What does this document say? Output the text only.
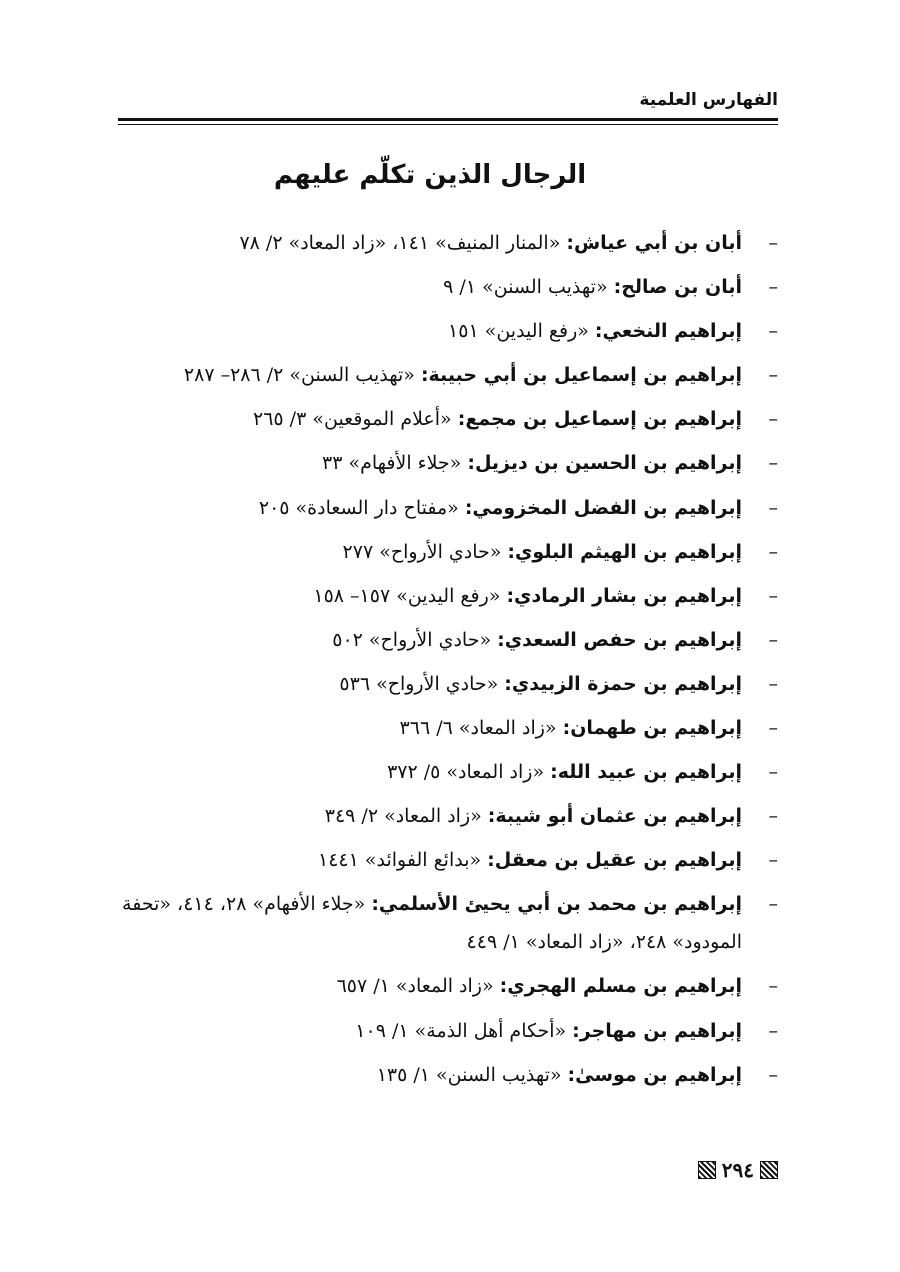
الفهارس العلمية
الرجال الذين تكلّم عليهم
–
أبان بن أبي عياش: «المنار المنيف» ١٤١، «زاد المعاد» ٢/ ٧٨
–
أبان بن صالح: «تهذيب السنن» ١/ ٩
–
إبراهيم النخعي: «رفع اليدين» ١٥١
–
إبراهيم بن إسماعيل بن أبي حبيبة: «تهذيب السنن» ٢/ ٢٨٦– ٢٨٧
–
إبراهيم بن إسماعيل بن مجمع: «أعلام الموقعين» ٣/ ٢٦٥
–
إبراهيم بن الحسين بن ديزيل: «جلاء الأفهام» ٣٣
–
إبراهيم بن الفضل المخزومي: «مفتاح دار السعادة» ٢٠٥
–
إبراهيم بن الهيثم البلوي: «حادي الأرواح» ٢٧٧
–
إبراهيم بن بشار الرمادي: «رفع اليدين» ١٥٧– ١٥٨
–
إبراهيم بن حفص السعدي: «حادي الأرواح» ٥٠٢
–
إبراهيم بن حمزة الزبيدي: «حادي الأرواح» ٥٣٦
–
إبراهيم بن طهمان: «زاد المعاد» ٦/ ٣٦٦
–
إبراهيم بن عبيد الله: «زاد المعاد» ٥/ ٣٧٢
–
إبراهيم بن عثمان أبو شيبة: «زاد المعاد» ٢/ ٣٤٩
–
إبراهيم بن عقيل بن معقل: «بدائع الفوائد» ١٤٤١
–
إبراهيم بن محمد بن أبي يحيئ الأسلمي: «جلاء الأفهام» ٢٨، ٤١٤، «تحفة المودود» ٢٤٨، «زاد المعاد» ١/ ٤٤٩
–
إبراهيم بن مسلم الهجري: «زاد المعاد» ١/ ٦٥٧
–
إبراهيم بن مهاجر: «أحكام أهل الذمة» ١/ ١٠٩
–
إبراهيم بن موسىٰ: «تهذيب السنن» ١/ ١٣٥
٢٩٤
